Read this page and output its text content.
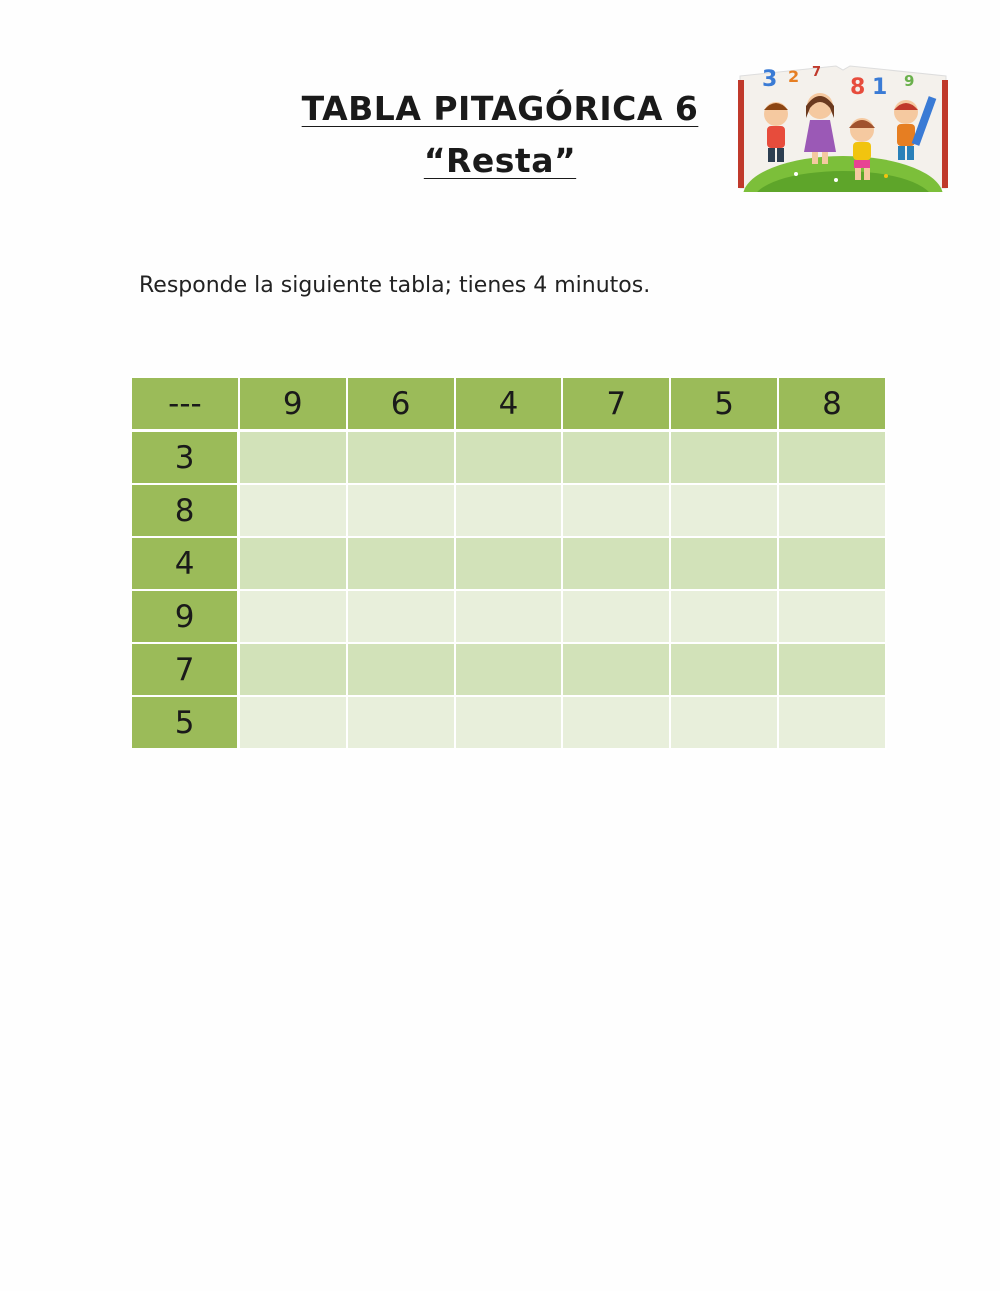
TABLA PITAGÓRICA 6
“Resta”
3 2 7
8 1 9
Responde la siguiente tabla; tienes 4 minutos.
---	9	6	4	7	5	8
3						
8						
4						
9						
7						
5						
